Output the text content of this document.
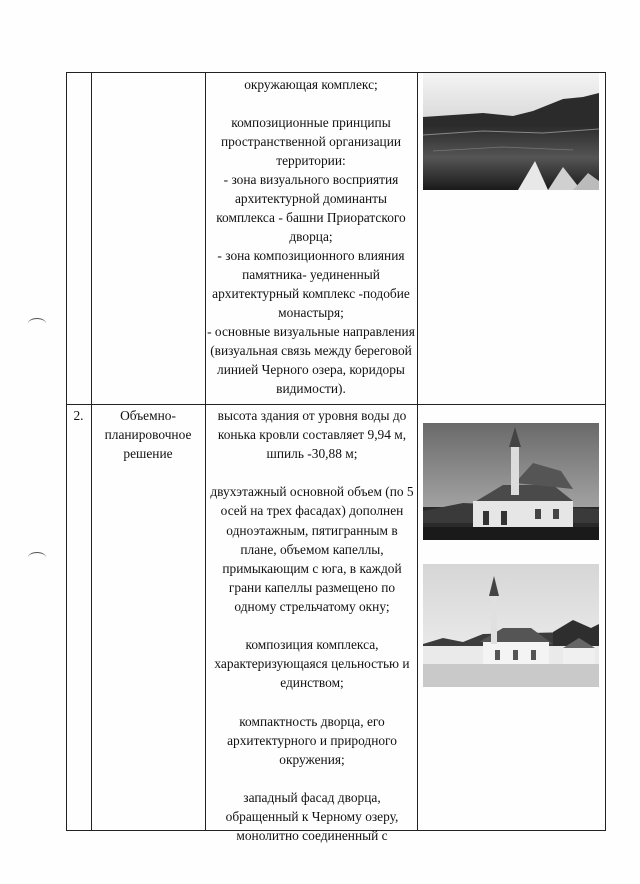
окружающая комплекс;

композиционные принципы пространственной организации территории:
- зона визуального восприятия архитектурной доминанты комплекса - башни Приоратского дворца;
- зона композиционного влияния памятника- уединенный архитектурный комплекс -подобие монастыря;
- основные визуальные направления (визуальная связь между береговой линией Черного озера, коридоры видимости).
2.	Объемно-
планировочное
решение
высота здания от уровня воды до конька кровли составляет 9,94 м, шпиль -30,88 м;

двухэтажный основной объем (по 5 осей на трех фасадах) дополнен одноэтажным, пятигранным в плане, объемом капеллы, примыкающим с юга, в каждой грани капеллы размещено по одному стрельчатому окну;

композиция комплекса, характеризующаяся цельностью и единством;

компактность дворца, его архитектурного и природного окружения;

западный фасад дворца, обращенный к Черному озеру, монолитно соединенный с
